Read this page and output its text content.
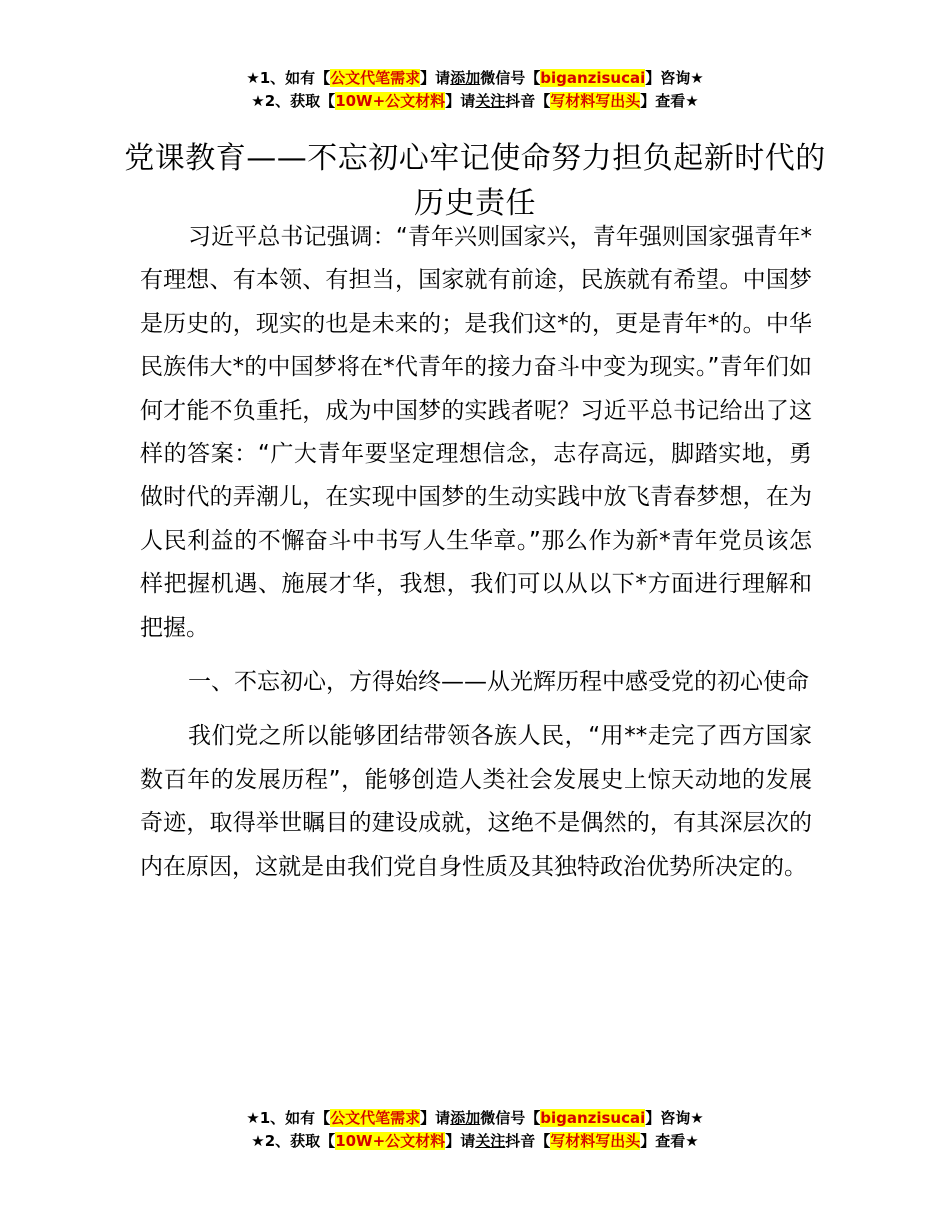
★1、如有【公文代笔需求】请添加微信号【biganzisucai】咨询★
★2、获取【10W+公文材料】请关注抖音【写材料写出头】查看★
党课教育——不忘初心牢记使命努力担负起新时代的历史责任

习近平总书记强调：“青年兴则国家兴，青年强则国家强青年*有理想、有本领、有担当，国家就有前途，民族就有希望。中国梦是历史的，现实的也是未来的；是我们这*的，更是青年*的。中华民族伟大*的中国梦将在*代青年的接力奋斗中变为现实。”青年们如何才能不负重托，成为中国梦的实践者呢？习近平总书记给出了这样的答案：“广大青年要坚定理想信念，志存高远，脚踏实地，勇做时代的弄潮儿，在实现中国梦的生动实践中放飞青春梦想，在为人民利益的不懈奋斗中书写人生华章。”那么作为新*青年党员该怎样把握机遇、施展才华，我想，我们可以从以下*方面进行理解和把握。

一、不忘初心，方得始终——从光辉历程中感受党的初心使命

我们党之所以能够团结带领各族人民，“用**走完了西方国家数百年的发展历程”，能够创造人类社会发展史上惊天动地的发展奇迹，取得举世瞩目的建设成就，这绝不是偶然的，有其深层次的内在原因，这就是由我们党自身性质及其独特政治优势所决定的。

★1、如有【公文代笔需求】请添加微信号【biganzisucai】咨询★
★2、获取【10W+公文材料】请关注抖音【写材料写出头】查看★
